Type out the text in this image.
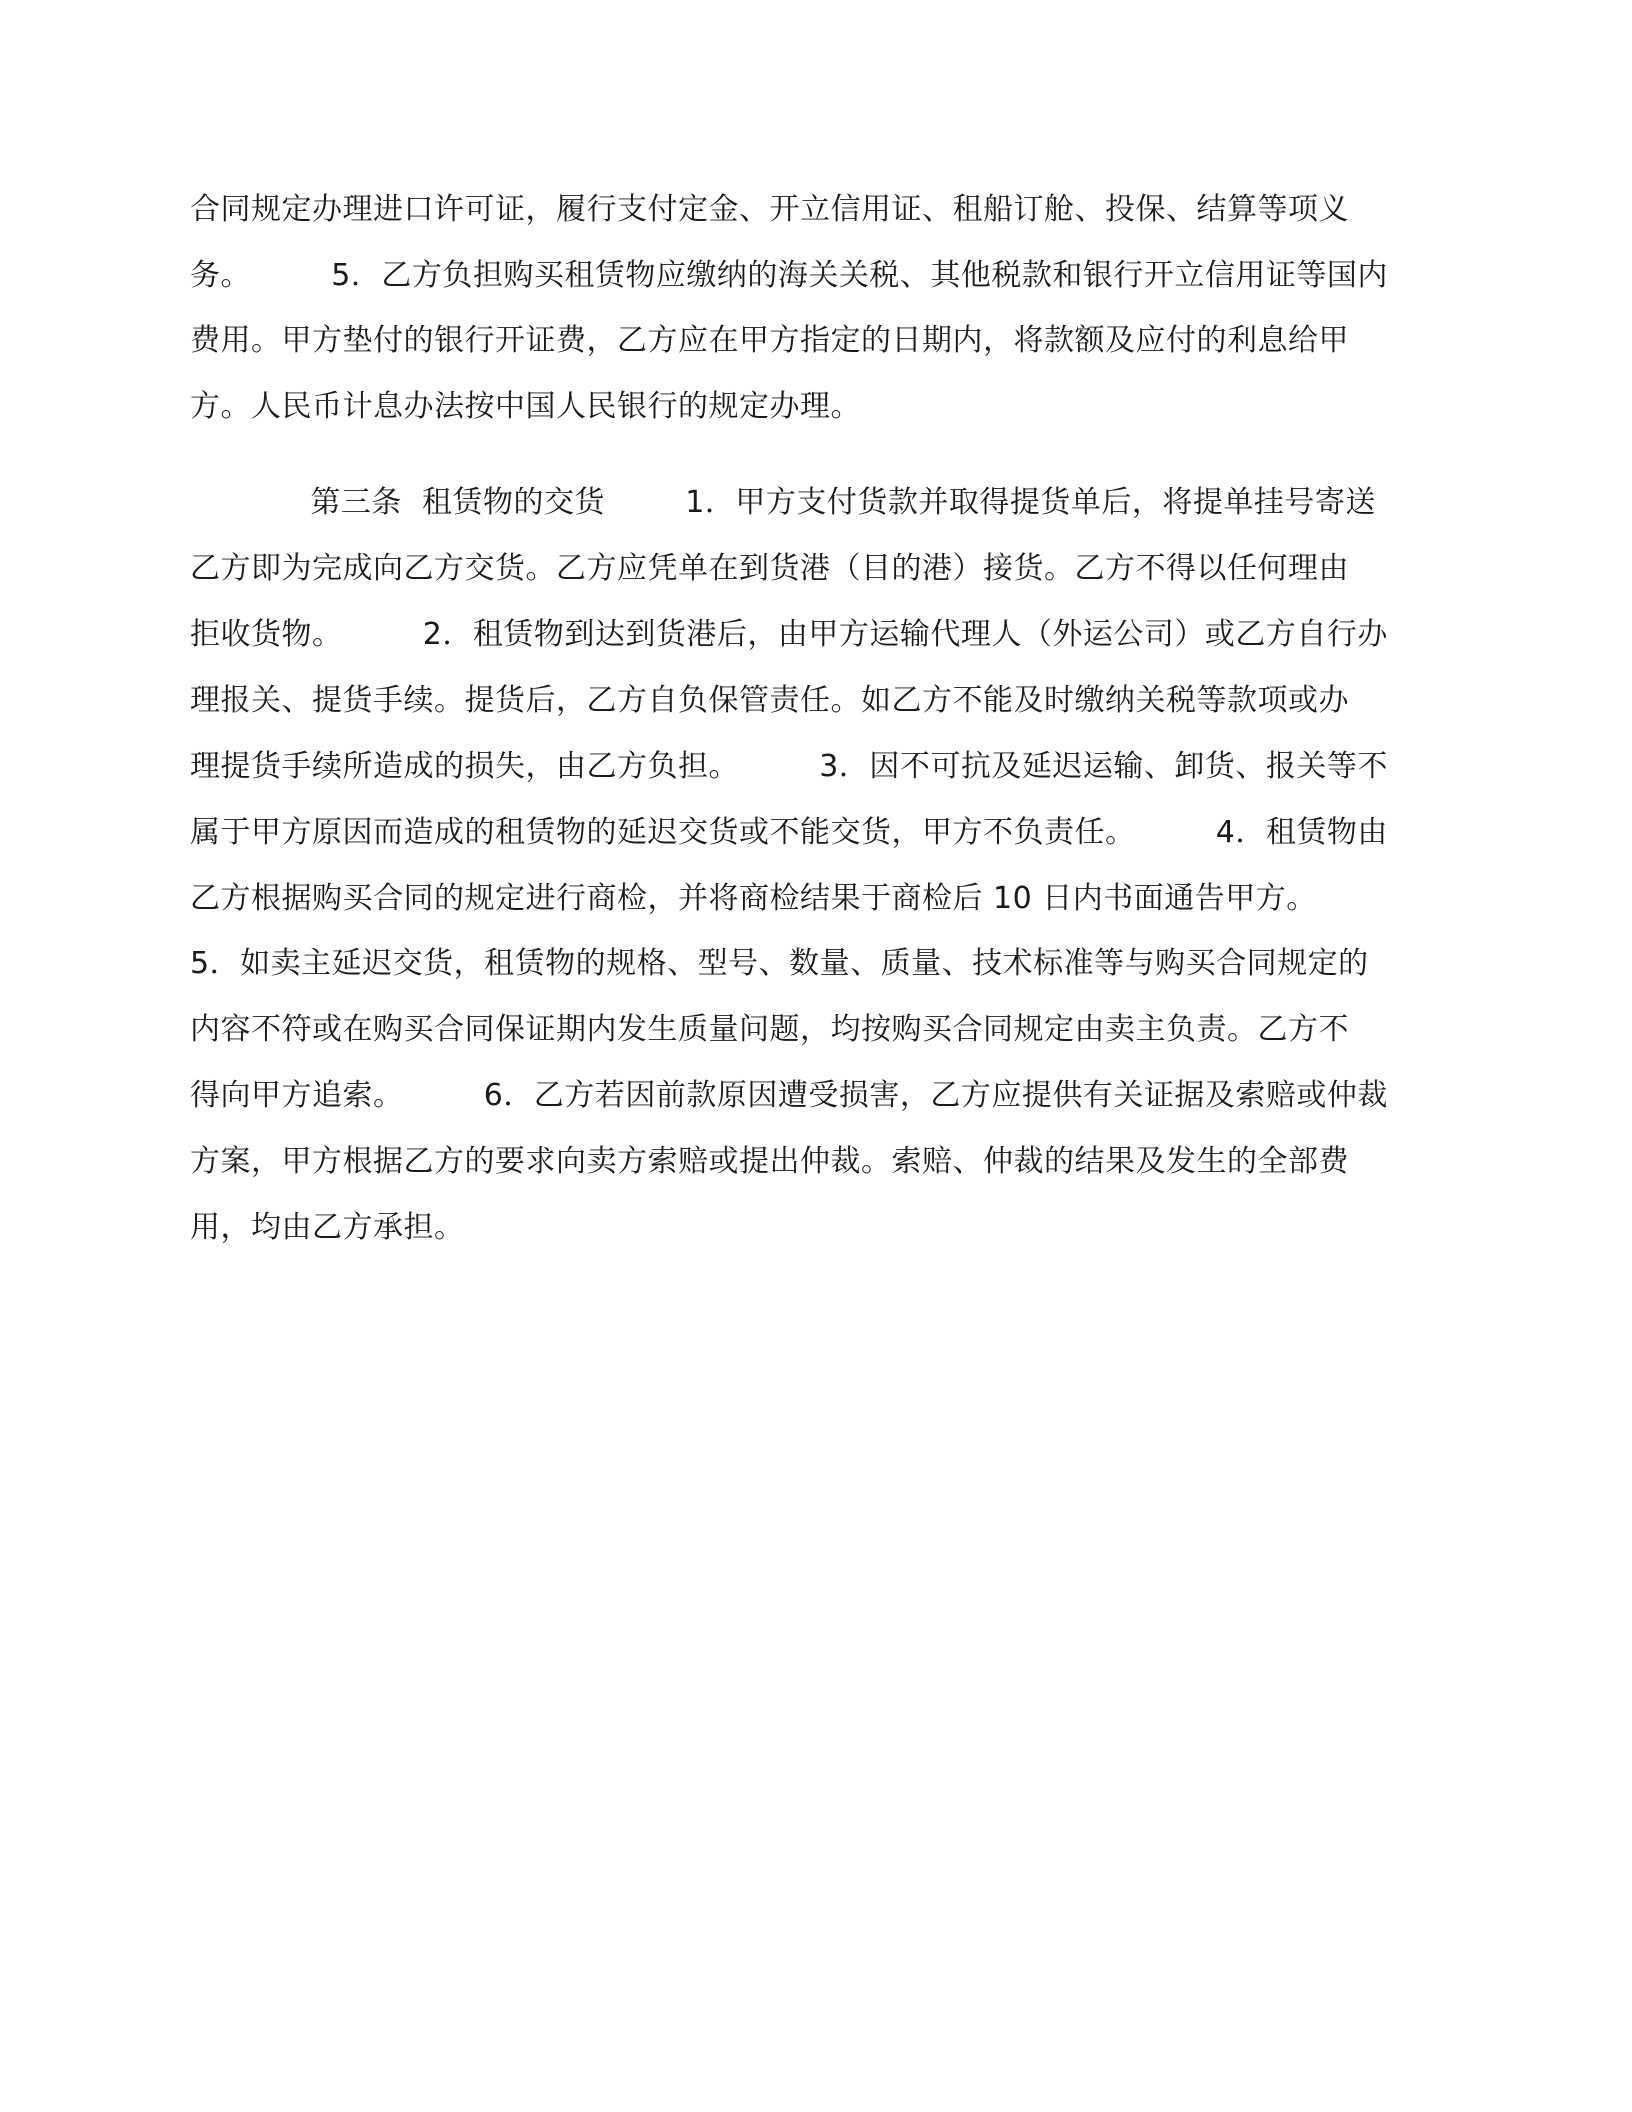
合同规定办理进口许可证，履行支付定金、开立信用证、租船订舱、投保、结算等项义
务。        5．乙方负担购买租赁物应缴纳的海关关税、其他税款和银行开立信用证等国内
费用。甲方垫付的银行开证费，乙方应在甲方指定的日期内，将款额及应付的利息给甲
方。人民币计息办法按中国人民银行的规定办理。
第三条  租赁物的交货        1．甲方支付货款并取得提货单后，将提单挂号寄送
乙方即为完成向乙方交货。乙方应凭单在到货港（目的港）接货。乙方不得以任何理由
拒收货物。        2．租赁物到达到货港后，由甲方运输代理人（外运公司）或乙方自行办
理报关、提货手续。提货后，乙方自负保管责任。如乙方不能及时缴纳关税等款项或办
理提货手续所造成的损失，由乙方负担。        3．因不可抗及延迟运输、卸货、报关等不
属于甲方原因而造成的租赁物的延迟交货或不能交货，甲方不负责任。        4．租赁物由
乙方根据购买合同的规定进行商检，并将商检结果于商检后 10 日内书面通告甲方。
5．如卖主延迟交货，租赁物的规格、型号、数量、质量、技术标准等与购买合同规定的
内容不符或在购买合同保证期内发生质量问题，均按购买合同规定由卖主负责。乙方不
得向甲方追索。        6．乙方若因前款原因遭受损害，乙方应提供有关证据及索赔或仲裁
方案，甲方根据乙方的要求向卖方索赔或提出仲裁。索赔、仲裁的结果及发生的全部费
用，均由乙方承担。
